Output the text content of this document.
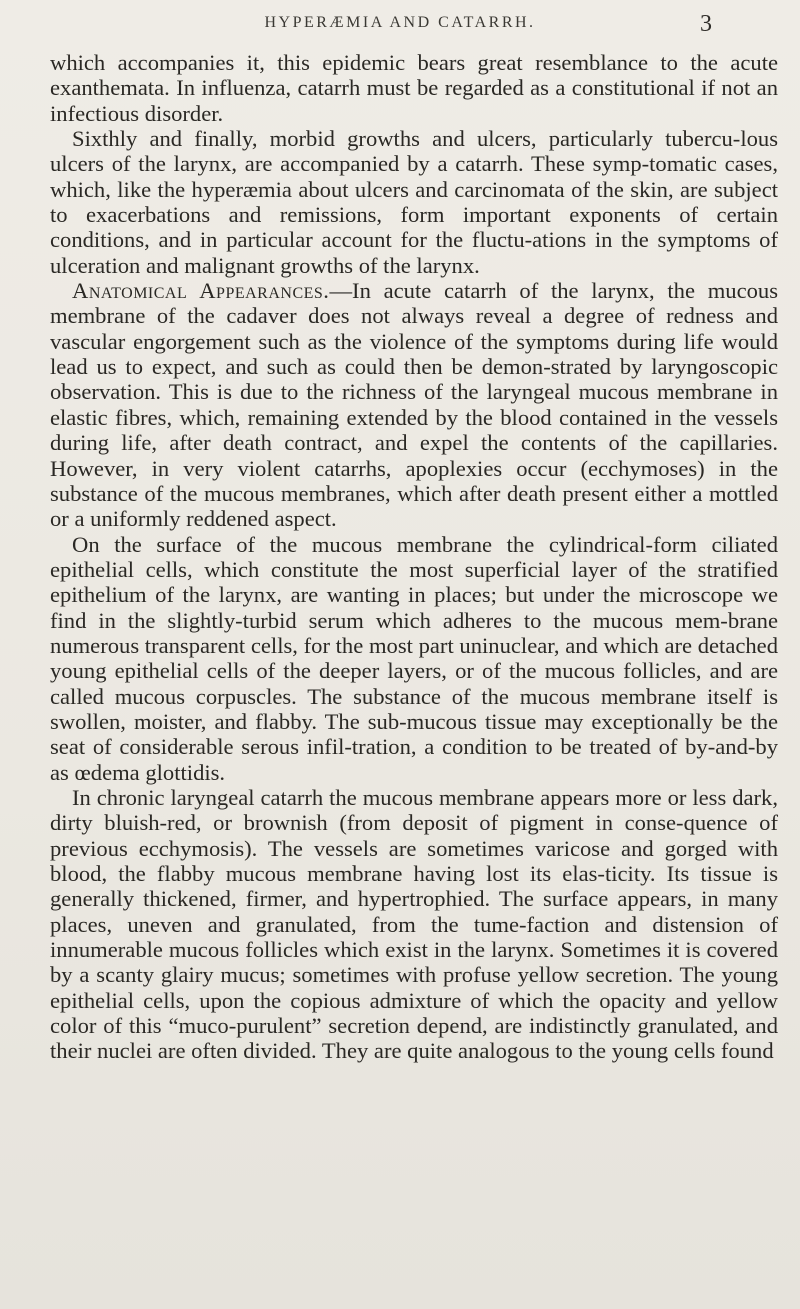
HYPERÆMIA AND CATARRH.	3

which accompanies it, this epidemic bears great resemblance to the acute exanthemata. In influenza, catarrh must be regarded as a constitutional if not an infectious disorder.

Sixthly and finally, morbid growths and ulcers, particularly tubercu-lous ulcers of the larynx, are accompanied by a catarrh. These symp-tomatic cases, which, like the hyperæmia about ulcers and carcinomata of the skin, are subject to exacerbations and remissions, form important exponents of certain conditions, and in particular account for the fluctu-ations in the symptoms of ulceration and malignant growths of the larynx.

Anatomical Appearances.—In acute catarrh of the larynx, the mucous membrane of the cadaver does not always reveal a degree of redness and vascular engorgement such as the violence of the symptoms during life would lead us to expect, and such as could then be demon-strated by laryngoscopic observation. This is due to the richness of the laryngeal mucous membrane in elastic fibres, which, remaining extended by the blood contained in the vessels during life, after death contract, and expel the contents of the capillaries. However, in very violent catarrhs, apoplexies occur (ecchymoses) in the substance of the mucous membranes, which after death present either a mottled or a uniformly reddened aspect.

On the surface of the mucous membrane the cylindrical-form ciliated epithelial cells, which constitute the most superficial layer of the stratified epithelium of the larynx, are wanting in places; but under the microscope we find in the slightly-turbid serum which adheres to the mucous mem-brane numerous transparent cells, for the most part uninuclear, and which are detached young epithelial cells of the deeper layers, or of the mucous follicles, and are called mucous corpuscles. The substance of the mucous membrane itself is swollen, moister, and flabby. The sub-mucous tissue may exceptionally be the seat of considerable serous infil-tration, a condition to be treated of by-and-by as œdema glottidis.

In chronic laryngeal catarrh the mucous membrane appears more or less dark, dirty bluish-red, or brownish (from deposit of pigment in conse-quence of previous ecchymosis). The vessels are sometimes varicose and gorged with blood, the flabby mucous membrane having lost its elas-ticity. Its tissue is generally thickened, firmer, and hypertrophied. The surface appears, in many places, uneven and granulated, from the tume-faction and distension of innumerable mucous follicles which exist in the larynx. Sometimes it is covered by a scanty glairy mucus; sometimes with profuse yellow secretion. The young epithelial cells, upon the copious admixture of which the opacity and yellow color of this “muco-purulent” secretion depend, are indistinctly granulated, and their nuclei are often divided. They are quite analogous to the young cells found
